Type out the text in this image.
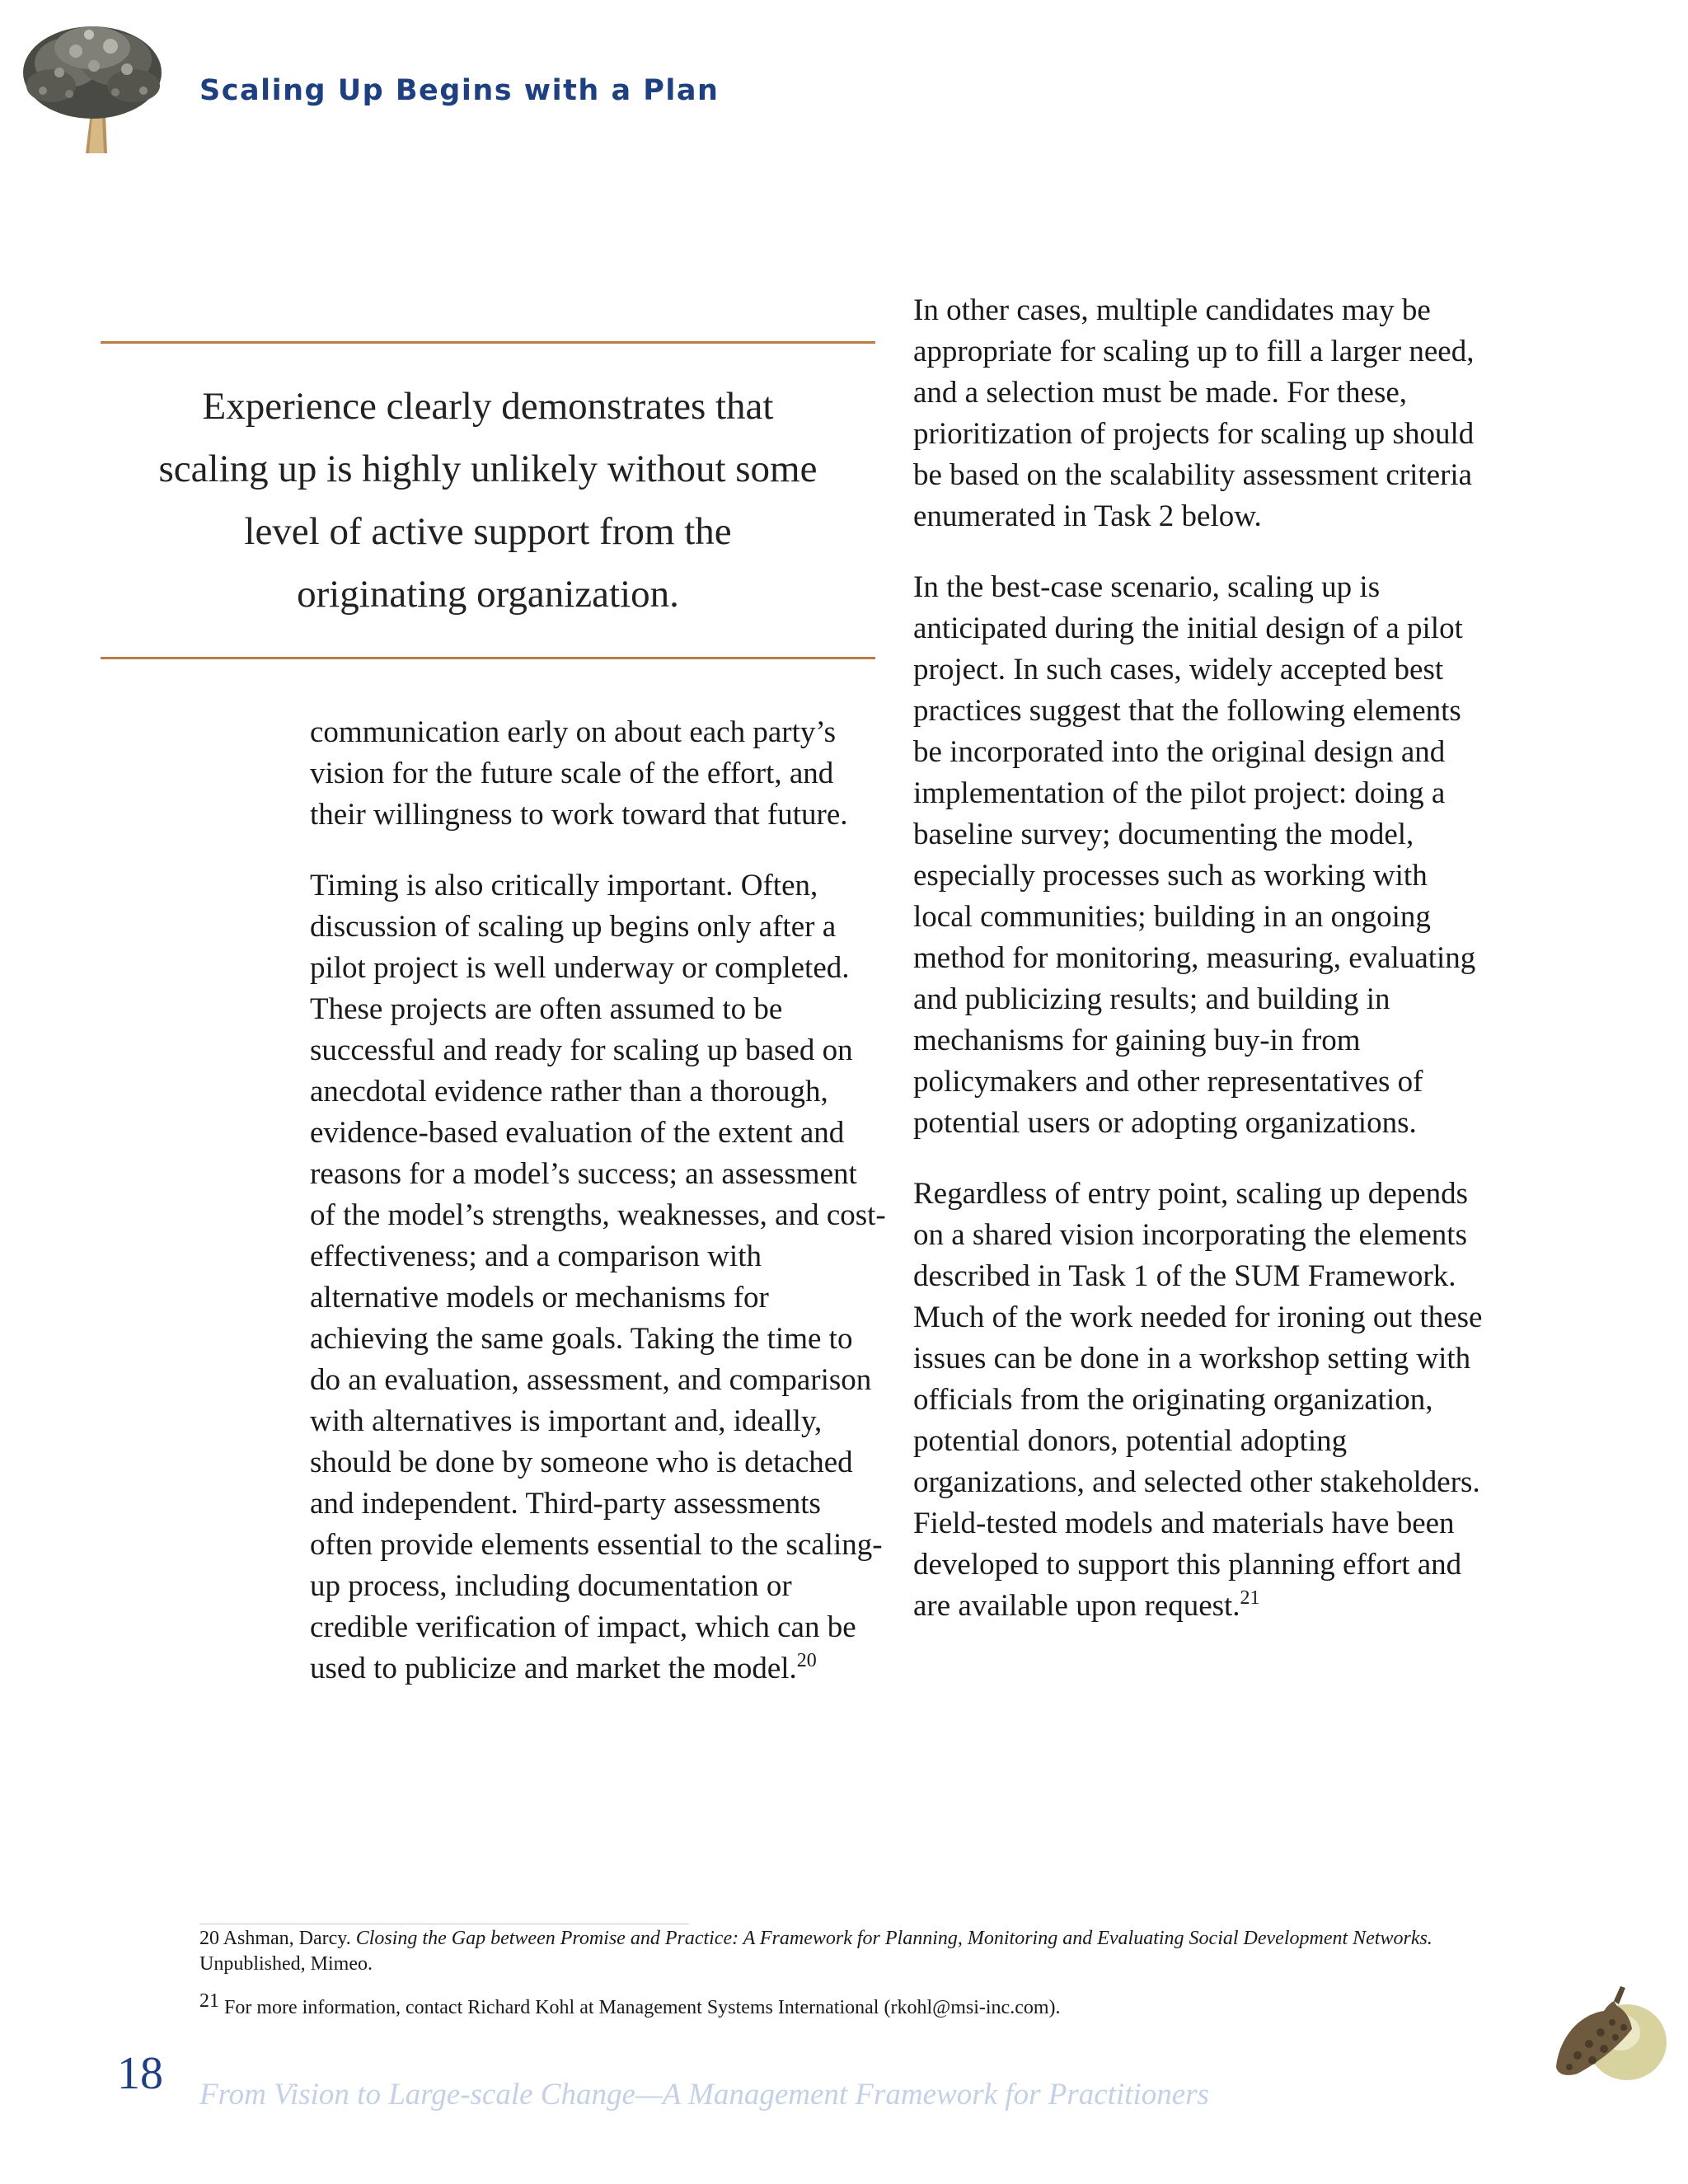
Scaling Up Begins with a Plan

Experience clearly demonstrates that scaling up is highly unlikely without some level of active support from the originating organization.

communication early on about each party’s vision for the future scale of the effort, and their willingness to work toward that future.

Timing is also critically important. Often, discussion of scaling up begins only after a pilot project is well underway or completed. These projects are often assumed to be successful and ready for scaling up based on anecdotal evidence rather than a thorough, evidence-based evaluation of the extent and reasons for a model’s success; an assessment of the model’s strengths, weaknesses, and cost-effectiveness; and a comparison with alternative models or mechanisms for achieving the same goals. Taking the time to do an evaluation, assessment, and comparison with alternatives is important and, ideally, should be done by someone who is detached and independent. Third-party assessments often provide elements essential to the scaling-up process, including documentation or credible verification of impact, which can be used to publicize and market the model.$^{20}$

In other cases, multiple candidates may be appropriate for scaling up to fill a larger need, and a selection must be made. For these, prioritization of projects for scaling up should be based on the scalability assessment criteria enumerated in Task 2 below.

In the best-case scenario, scaling up is anticipated during the initial design of a pilot project. In such cases, widely accepted best practices suggest that the following elements be incorporated into the original design and implementation of the pilot project: doing a baseline survey; documenting the model, especially processes such as working with local communities; building in an ongoing method for monitoring, measuring, evaluating and publicizing results; and building in mechanisms for gaining buy-in from policymakers and other representatives of potential users or adopting organizations.

Regardless of entry point, scaling up depends on a shared vision incorporating the elements described in Task 1 of the SUM Framework. Much of the work needed for ironing out these issues can be done in a workshop setting with officials from the originating organization, potential donors, potential adopting organizations, and selected other stakeholders. Field-tested models and materials have been developed to support this planning effort and are available upon request.$^{21}$

20 Ashman, Darcy. Closing the Gap between Promise and Practice: A Framework for Planning, Monitoring and Evaluating Social Development Networks. Unpublished, Mimeo.

21 For more information, contact Richard Kohl at Management Systems International (rkohl@msi-inc.com).

18 From Vision to Large-scale Change—A Management Framework for Practitioners
